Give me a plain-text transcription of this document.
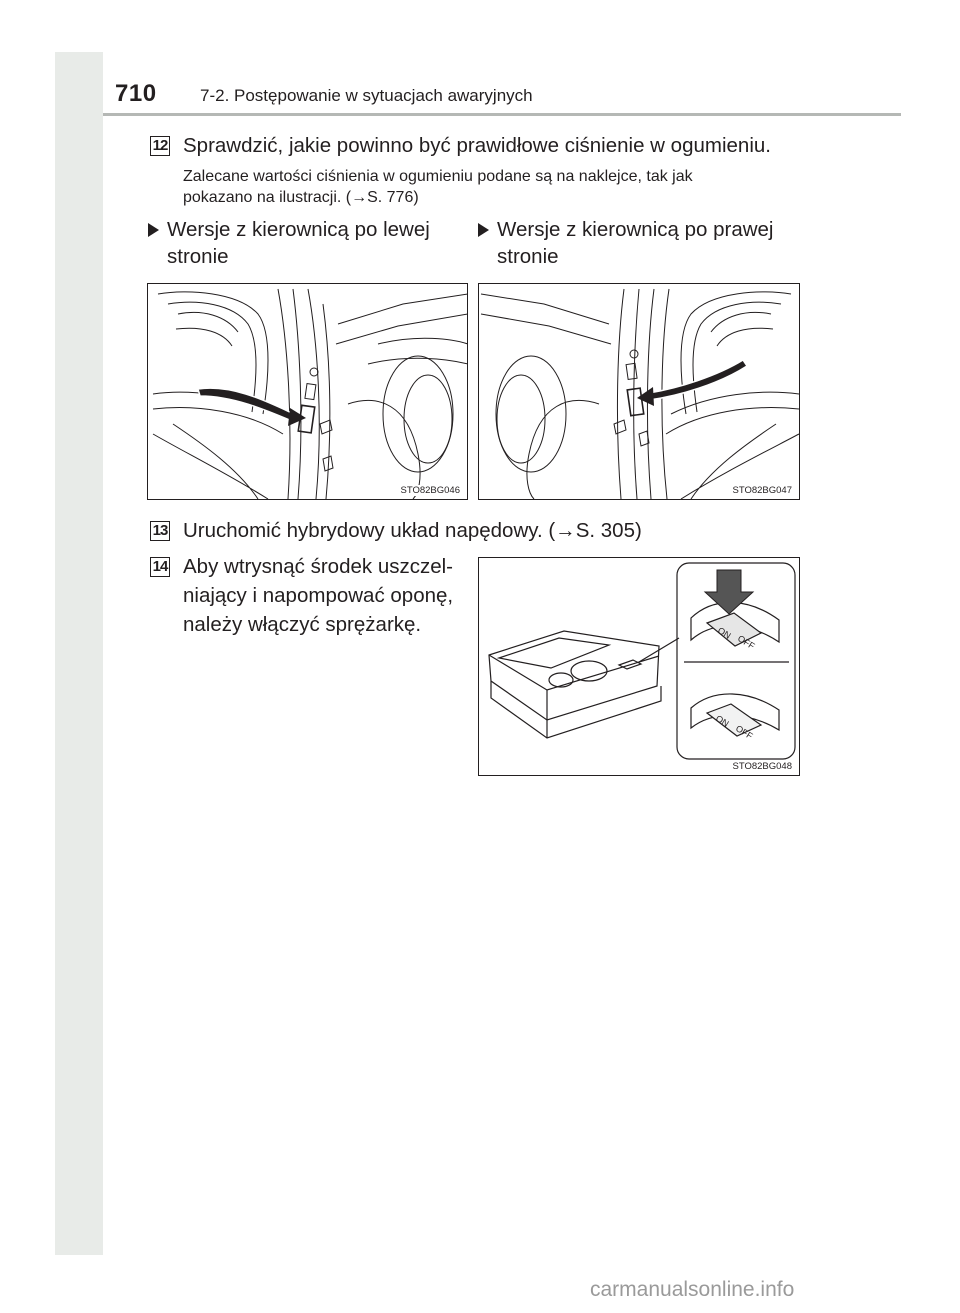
710	7-2. Postępowanie w sytuacjach awaryjnych
12 Sprawdzić, jakie powinno być prawidłowe ciśnienie w ogumieniu.
Zalecane wartości ciśnienia w ogumieniu podane są na naklejce, tak jak
pokazano na ilustracji. (→S. 776)
Wersje z kierownicą po lewej
stronie
Wersje z kierownicą po prawej
stronie
STO82BG046	STO82BG047
13 Uruchomić hybrydowy układ napędowy. (→S. 305)
14 Aby wtrysnąć środek uszczel-
niający i napompować oponę,
należy włączyć sprężarkę.	ON
OFF
ON
OFF
STO82BG048
carmanualsonline.info
